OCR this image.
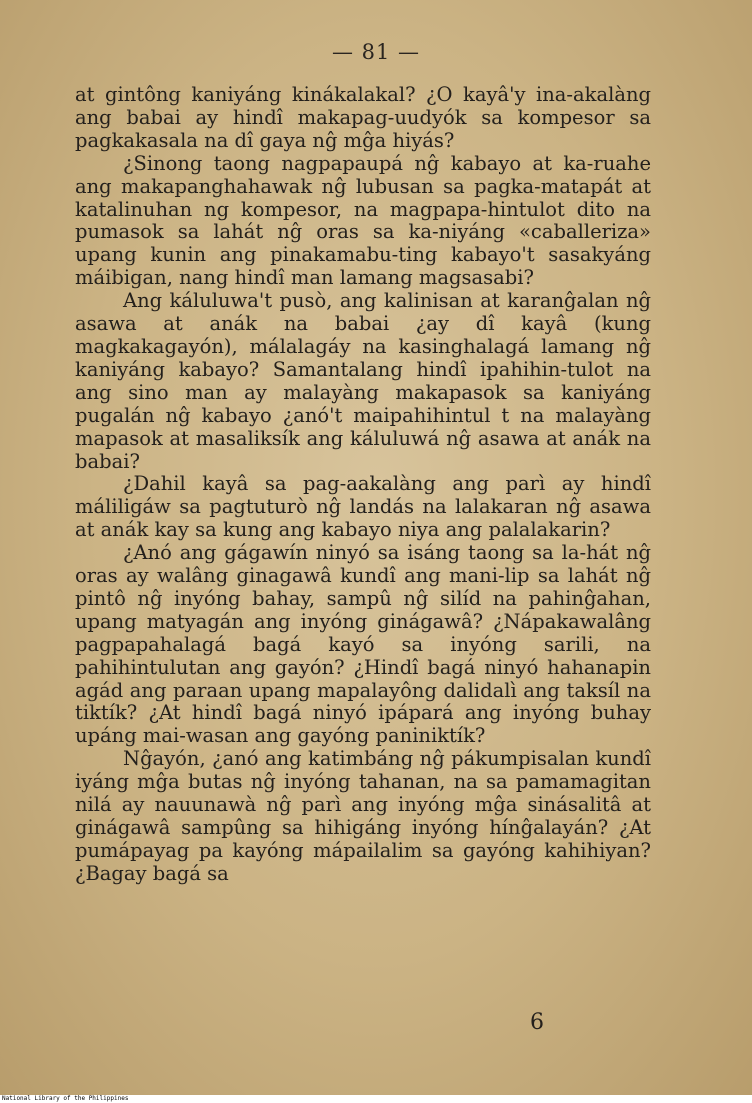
— 81 —

at gintông kaniyáng kinákalakal? ¿O kayâ'y ina-akalàng ang babai ay hindî makapag-uudyók sa kompesor sa pagkakasala na dî gaya nĝ mĝa hiyás?

¿Sinong taong nagpapaupá nĝ kabayo at ka-ruahe ang makapanghahawak nĝ lubusan sa pagka-matapát at katalinuhan ng kompesor, na magpapa-hintulot dito na pumasok sa lahát nĝ oras sa ka-niyáng «caballeriza» upang kunin ang pinakamabu-ting kabayo't sasakyáng máibigan, nang hindî man lamang magsasabi?

Ang káluluwa't pusò, ang kalinisan at karanĝalan nĝ asawa at anák na babai ¿ay dî kayâ (kung magkakagayón), málalagáy na kasinghalagá lamang nĝ kaniyáng kabayo? Samantalang hindî ipahihin-tulot na ang sino man ay malayàng makapasok sa kaniyáng pugalán nĝ kabayo ¿anó't maipahihintul t na malayàng mapasok at masaliksík ang káluluwá nĝ asawa at anák na babai?

¿Dahil kayâ sa pag-aakalàng ang parì ay hindî máliligáw sa pagtuturò nĝ landás na lalakaran nĝ asawa at anák kay sa kung ang kabayo niya ang palalakarin?

¿Anó ang gágawín ninyó sa isáng taong sa la-hát nĝ oras ay walâng ginagawâ kundî ang mani-lip sa lahát nĝ pintô nĝ inyóng bahay, sampû nĝ silíd na pahinĝahan, upang matyagán ang inyóng ginágawâ? ¿Nápakawalâng pagpapahalagá bagá kayó sa inyóng sarili, na pahihintulutan ang gayón? ¿Hindî bagá ninyó hahanapin agád ang paraan upang mapalayông dalidalì ang taksíl na tiktík? ¿At hindî bagá ninyó ipápará ang inyóng buhay upáng mai-wasan ang gayóng paniniktík?

Nĝayón, ¿anó ang katimbáng nĝ pákumpisalan kundî iyáng mĝa butas nĝ inyóng tahanan, na sa pamamagitan nilá ay nauunawà nĝ parì ang inyóng mĝa sinásalitâ at ginágawâ sampûng sa hihigáng inyóng hínĝalayán? ¿At pumápayag pa kayóng mápailalim sa gayóng kahihiyan? ¿Bagay bagá sa

6
National Library of the Philippines
